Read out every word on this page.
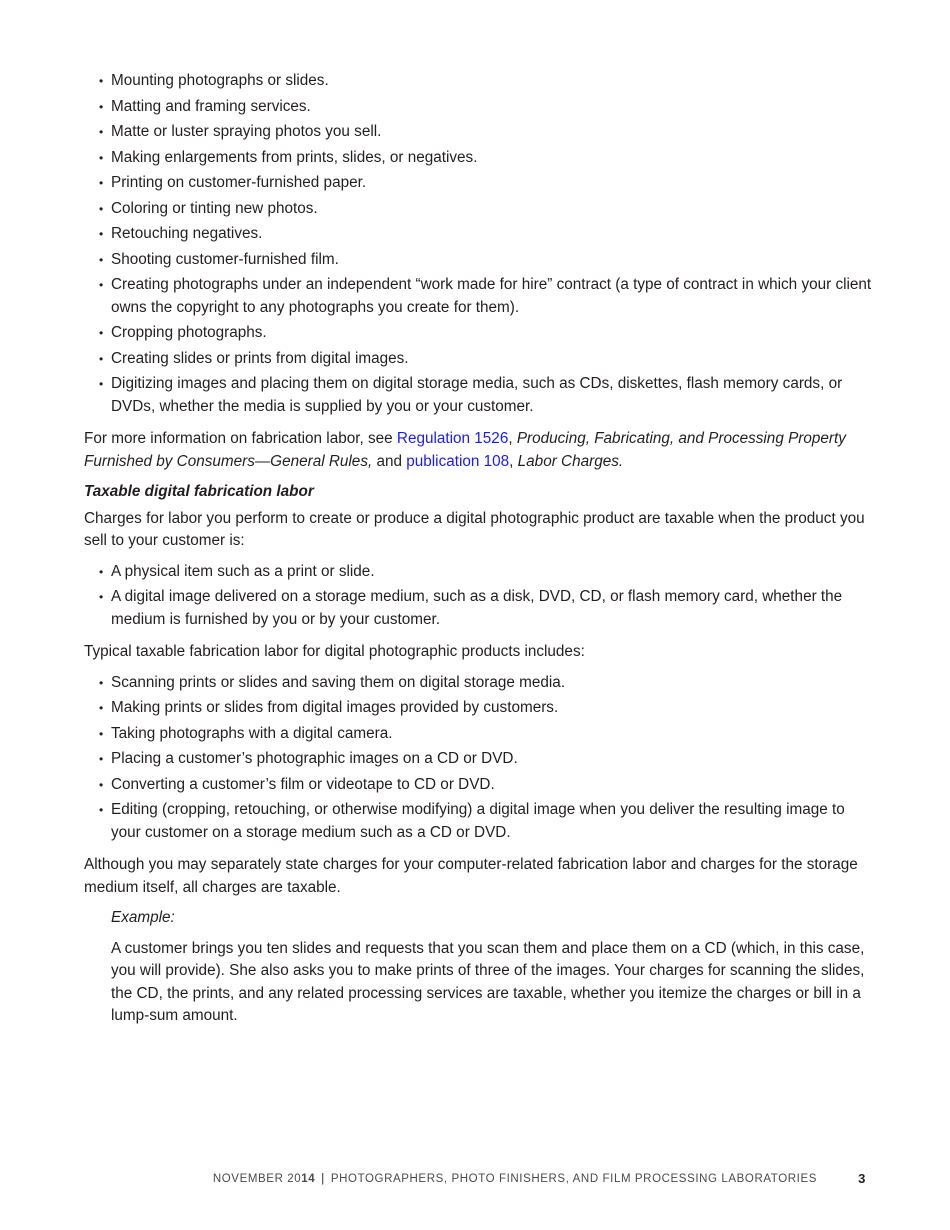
• Mounting photographs or slides.
• Matting and framing services.
• Matte or luster spraying photos you sell.
• Making enlargements from prints, slides, or negatives.
• Printing on customer-furnished paper.
• Coloring or tinting new photos.
• Retouching negatives.
• Shooting customer-furnished film.
• Creating photographs under an independent “work made for hire” contract (a type of contract in which your client owns the copyright to any photographs you create for them).
• Cropping photographs.
• Creating slides or prints from digital images.
• Digitizing images and placing them on digital storage media, such as CDs, diskettes, flash memory cards, or DVDs, whether the media is supplied by you or your customer.

For more information on fabrication labor, see Regulation 1526, Producing, Fabricating, and Processing Property Furnished by Consumers—General Rules, and publication 108, Labor Charges.

Taxable digital fabrication labor

Charges for labor you perform to create or produce a digital photographic product are taxable when the product you sell to your customer is:

• A physical item such as a print or slide.
• A digital image delivered on a storage medium, such as a disk, DVD, CD, or flash memory card, whether the medium is furnished by you or by your customer.

Typical taxable fabrication labor for digital photographic products includes:

• Scanning prints or slides and saving them on digital storage media.
• Making prints or slides from digital images provided by customers.
• Taking photographs with a digital camera.
• Placing a customer’s photographic images on a CD or DVD.
• Converting a customer’s film or videotape to CD or DVD.
• Editing (cropping, retouching, or otherwise modifying) a digital image when you deliver the resulting image to your customer on a storage medium such as a CD or DVD.

Although you may separately state charges for your computer-related fabrication labor and charges for the storage medium itself, all charges are taxable.

Example:

A customer brings you ten slides and requests that you scan them and place them on a CD (which, in this case, you will provide). She also asks you to make prints of three of the images. Your charges for scanning the slides, the CD, the prints, and any related processing services are taxable, whether you itemize the charges or bill in a lump-sum amount.

NOVEMBER 2014 | PHOTOGRAPHERS, PHOTO FINISHERS, AND FILM PROCESSING LABORATORIES	3
